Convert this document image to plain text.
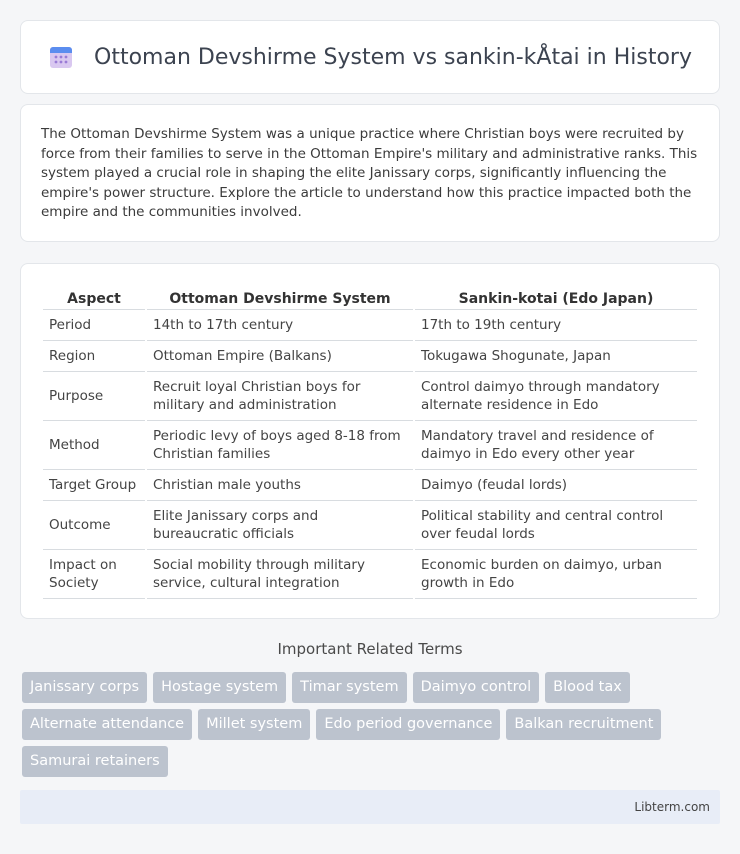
Ottoman Devshirme System vs sankin-kÅtai in History

The Ottoman Devshirme System was a unique practice where Christian boys were recruited by force from their families to serve in the Ottoman Empire's military and administrative ranks. This system played a crucial role in shaping the elite Janissary corps, significantly influencing the empire's power structure. Explore the article to understand how this practice impacted both the empire and the communities involved.

Aspect	Ottoman Devshirme System	Sankin-kotai (Edo Japan)
Period	14th to 17th century	17th to 19th century
Region	Ottoman Empire (Balkans)	Tokugawa Shogunate, Japan
Purpose	Recruit loyal Christian boys for military and administration	Control daimyo through mandatory alternate residence in Edo
Method	Periodic levy of boys aged 8-18 from Christian families	Mandatory travel and residence of daimyo in Edo every other year
Target Group	Christian male youths	Daimyo (feudal lords)
Outcome	Elite Janissary corps and bureaucratic officials	Political stability and central control over feudal lords
Impact on Society	Social mobility through military service, cultural integration	Economic burden on daimyo, urban growth in Edo
Important Related Terms
Janissary corps	Hostage system	Timar system	Daimyo control	Blood tax
Alternate attendance	Millet system	Edo period governance	Balkan recruitment
Samurai retainers
Libterm.com
